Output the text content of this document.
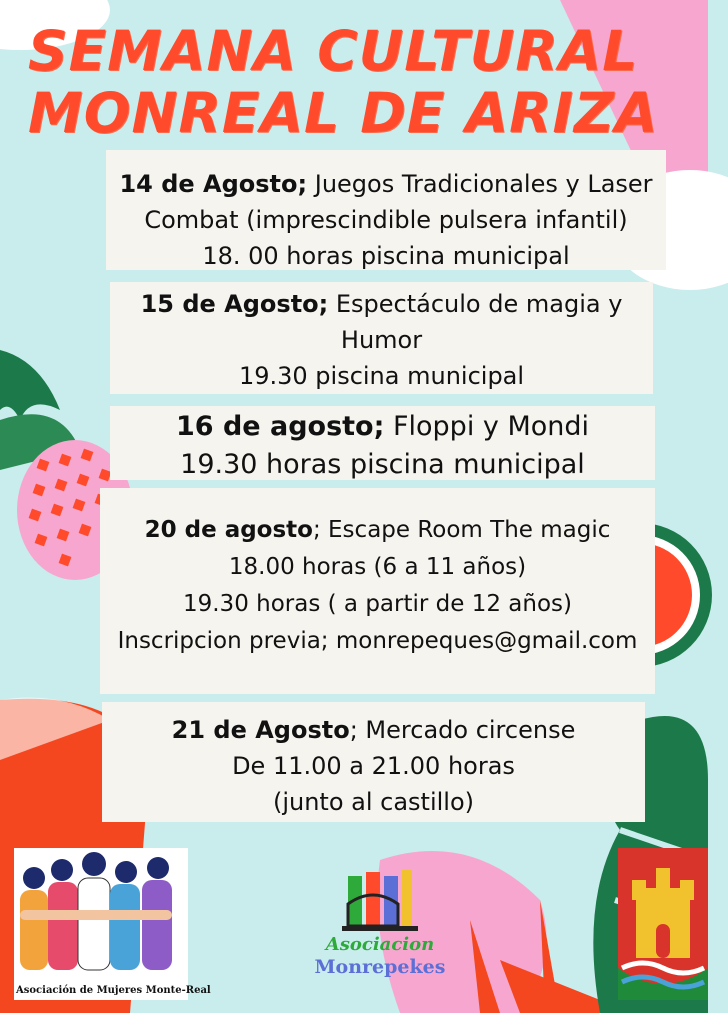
SEMANA CULTURAL
MONREAL DE ARIZA
14 de Agosto; Juegos Tradicionales y Laser
Combat (imprescindible pulsera infantil)
18. 00 horas piscina municipal
15 de Agosto; Espectáculo de magia y
Humor
19.30 piscina municipal
16 de agosto; Floppi y Mondi
19.30 horas piscina municipal
20 de agosto; Escape Room The magic
18.00 horas (6 a 11 años)
19.30 horas ( a partir de 12 años)
Inscripcion previa; monrepeques@gmail.com
21 de Agosto; Mercado circense
De 11.00 a 21.00 horas
(junto al castillo)
Asociación de Mujeres Monte-Real
Asociacion
Monrepekes
